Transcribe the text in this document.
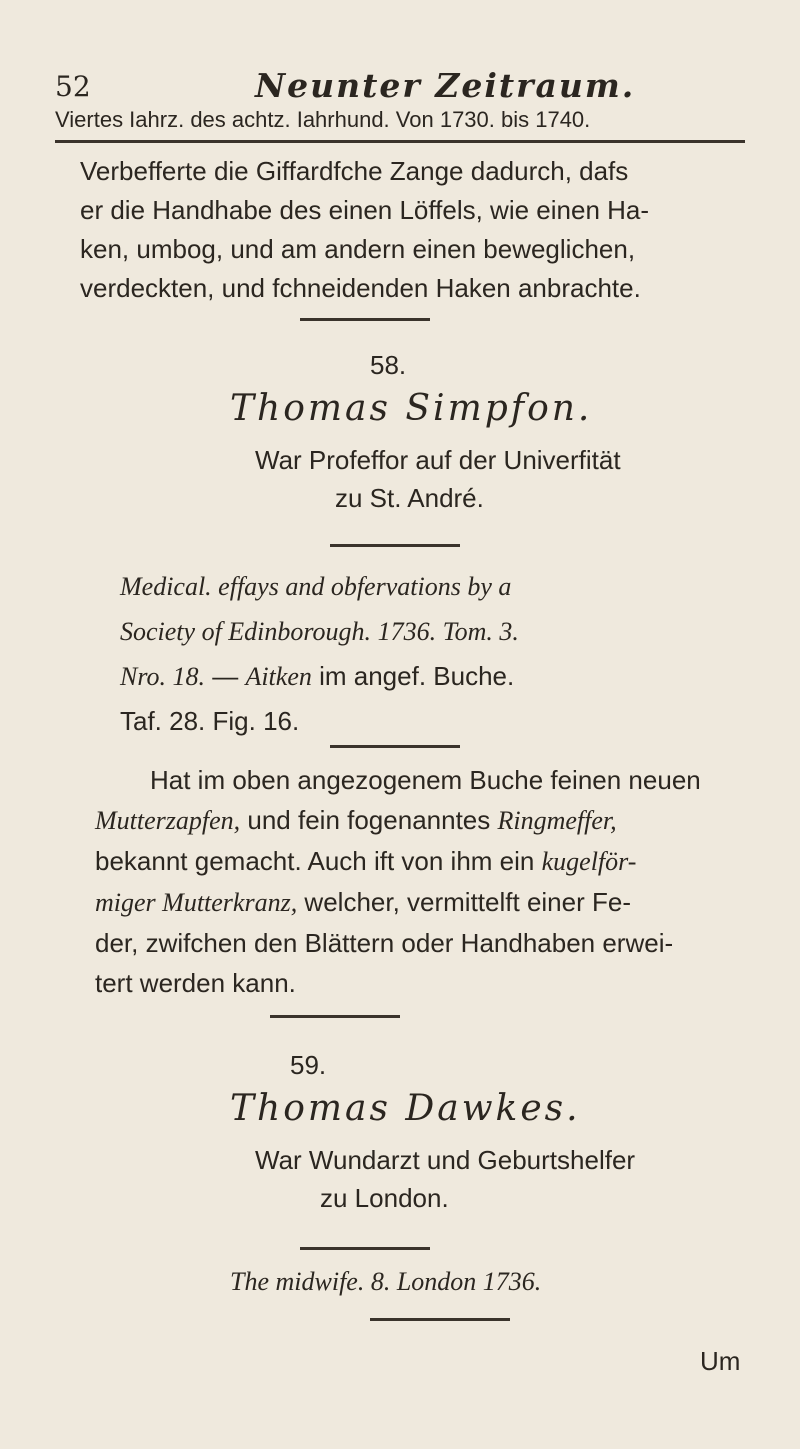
52	Neunter Zeitraum.
Viertes Iahrz. des achtz. Iahrhund. Von 1730. bis 1740.
Verbefferte die Giffardfche Zange dadurch, dafs
er die Handhabe des einen Löffels, wie einen Ha-
ken, umbog, und am andern einen beweglichen,
verdeckten, und fchneidenden Haken anbrachte.
58.
Thomas Simpfon.
War Profeffor auf der Univerfität
zu St. André.
Medical. effays and obfervations by a
Society of Edinborough. 1736. Tom. 3.
Nro. 18. — Aitken im angef. Buche.
Taf. 28. Fig. 16.
Hat im oben angezogenem Buche feinen neuen
Mutterzapfen, und fein fogenanntes Ringmeffer,
bekannt gemacht. Auch ift von ihm ein kugelför-
miger Mutterkranz, welcher, vermittelft einer Fe-
der, zwifchen den Blättern oder Handhaben erwei-
tert werden kann.
59.
Thomas Dawkes.
War Wundarzt und Geburtshelfer
zu London.
The midwife. 8. London 1736.
Um
